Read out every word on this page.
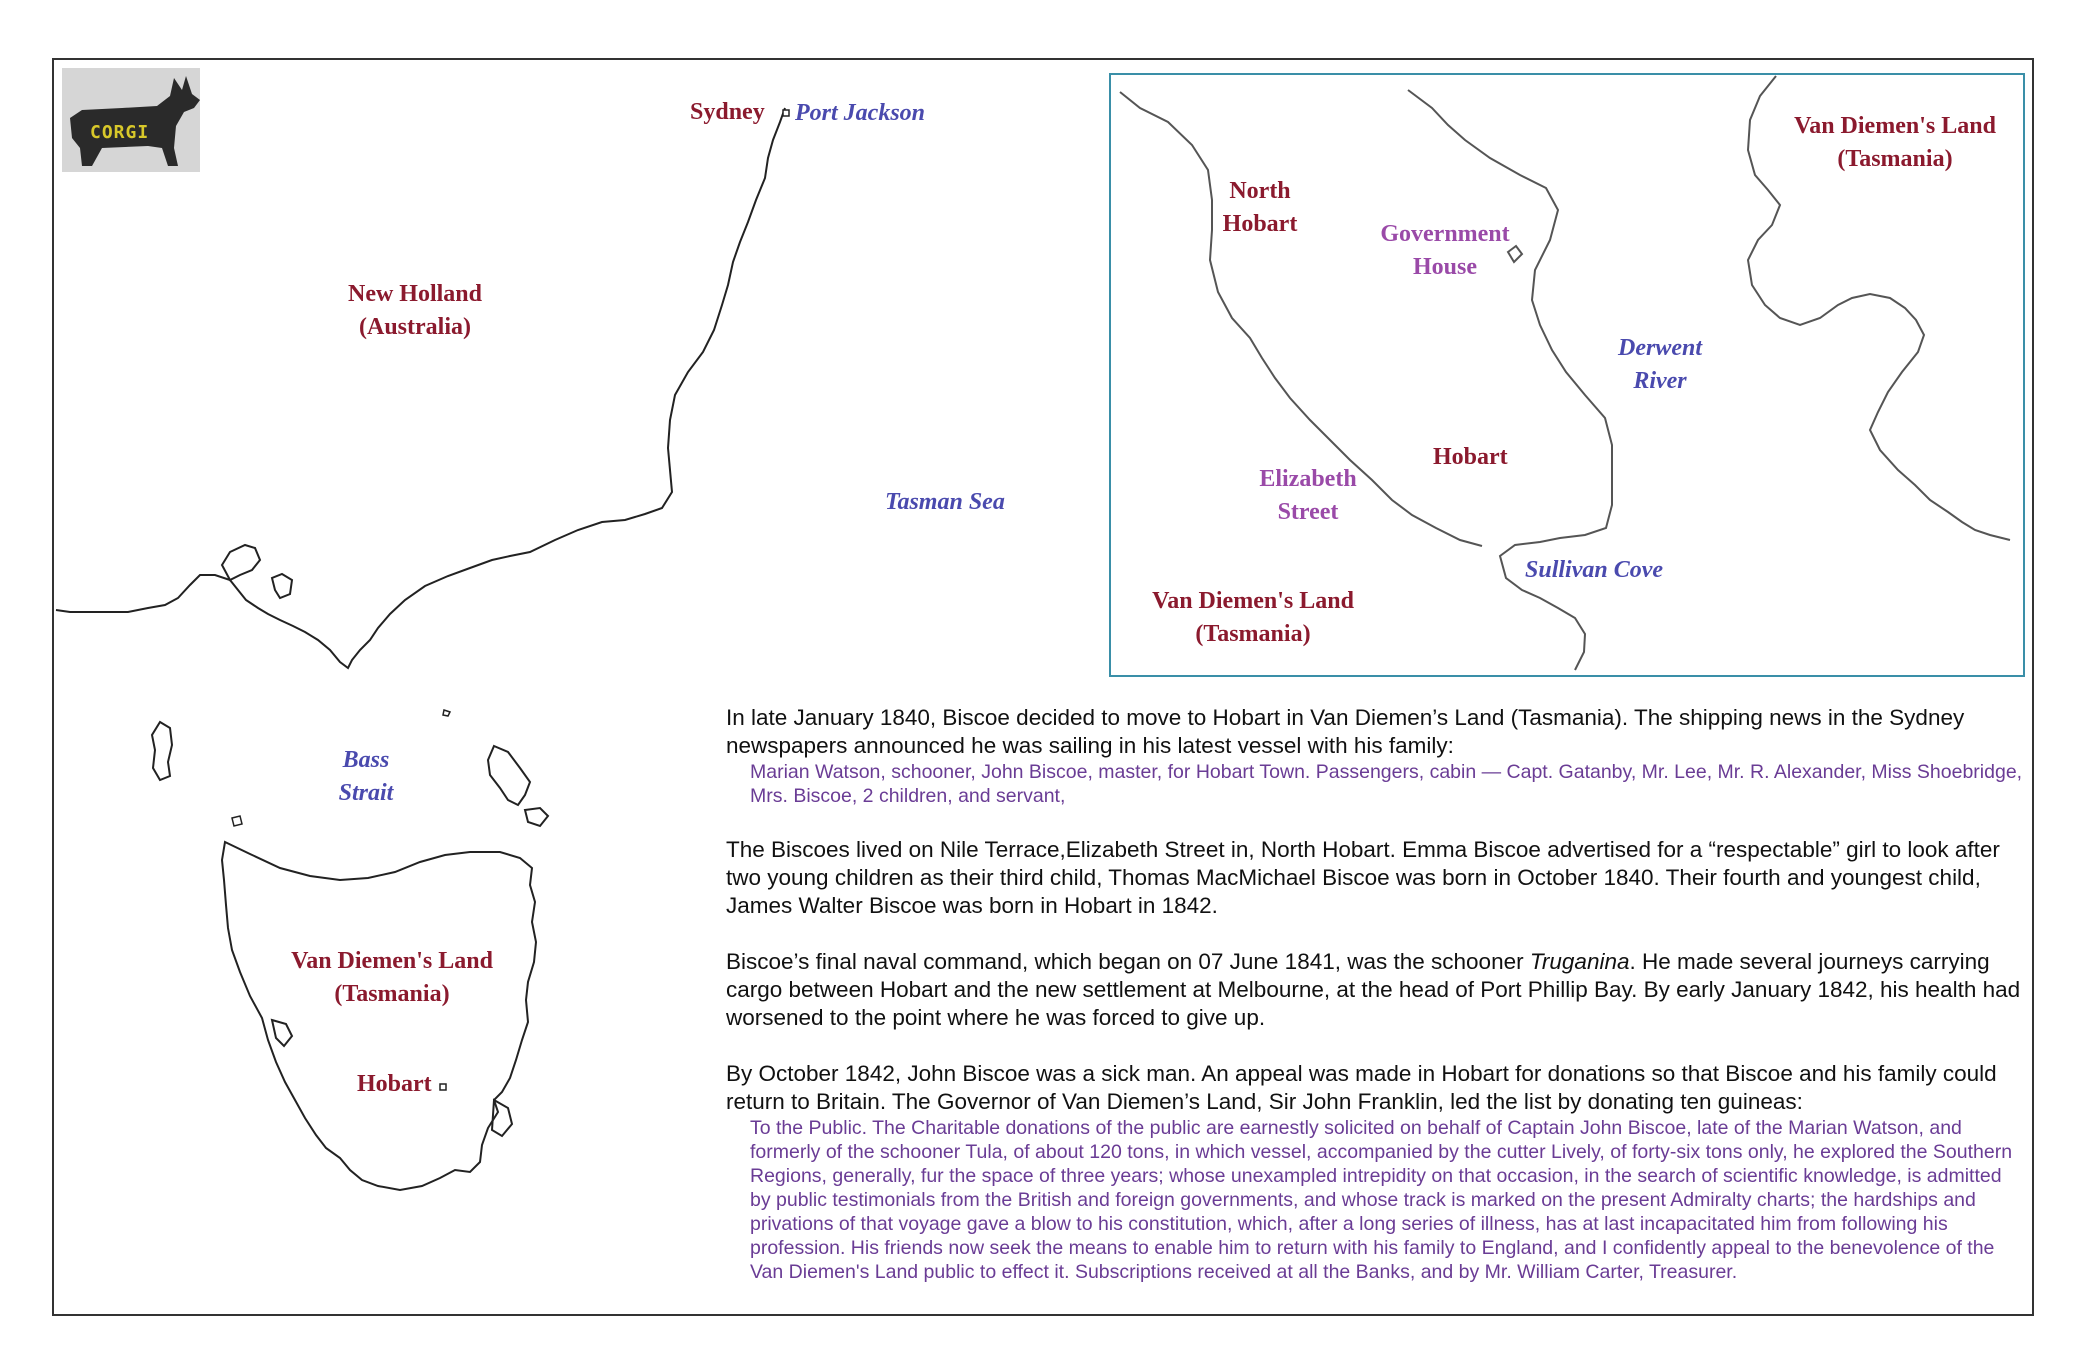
CORGI
Sydney Port Jackson
New Holland
(Australia)
Tasman Sea
Bass
Strait
Van Diemen's Land
(Tasmania)
Hobart
Van Diemen's Land
(Tasmania)
North
Hobart	Government
House
Derwent
River
Hobart
Elizabeth
Street
Sullivan Cove
Van Diemen's Land
(Tasmania)

In late January 1840, Biscoe decided to move to Hobart in Van Diemen’s Land (Tasmania). The shipping news in the Sydney newspapers announced he was sailing in his latest vessel with his family:
Marian Watson, schooner, John Biscoe, master, for Hobart Town. Passengers, cabin — Capt. Gatanby, Mr. Lee, Mr. R. Alexander, Miss Shoebridge, Mrs. Biscoe, 2 children, and servant,

The Biscoes lived on Nile Terrace,Elizabeth Street in, North Hobart. Emma Biscoe advertised for a “respectable” girl to look after two young children as their third child, Thomas MacMichael Biscoe was born in October 1840. Their fourth and youngest child, James Walter Biscoe was born in Hobart in 1842.

Biscoe’s final naval command, which began on 07 June 1841, was the schooner Truganina. He made several journeys carrying cargo between Hobart and the new settlement at Melbourne, at the head of Port Phillip Bay. By early January 1842, his health had worsened to the point where he was forced to give up.

By October 1842, John Biscoe was a sick man. An appeal was made in Hobart for donations so that Biscoe and his family could return to Britain. The Governor of Van Diemen’s Land, Sir John Franklin, led the list by donating ten guineas:
To the Public. The Charitable donations of the public are earnestly solicited on behalf of Captain John Biscoe, late of the Marian Watson, and formerly of the schooner Tula, of about 120 tons, in which vessel, accompanied by the cutter Lively, of forty-six tons only, he explored the Southern Regions, generally, fur the space of three years; whose unexampled intrepidity on that occasion, in the search of scientific knowledge, is admitted by public testimonials from the British and foreign governments, and whose track is marked on the present Admiralty charts; the hardships and privations of that voyage gave a blow to his constitution, which, after a long series of illness, has at last incapacitated him from following his profession. His friends now seek the means to enable him to return with his family to England, and I confidently appeal to the benevolence of the Van Diemen's Land public to effect it. Subscriptions received at all the Banks, and by Mr. William Carter, Treasurer.
